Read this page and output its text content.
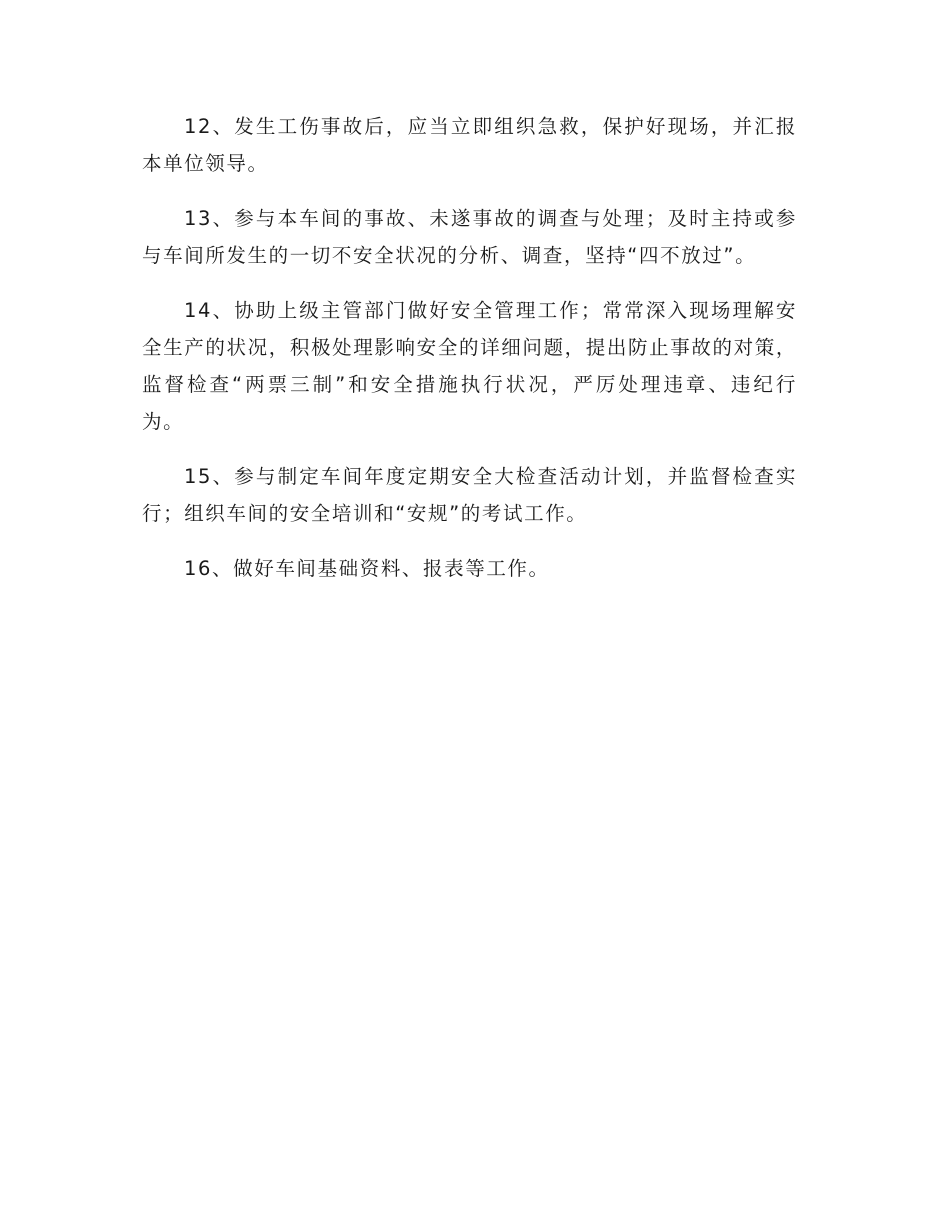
12、发生工伤事故后，应当立即组织急救，保护好现场，并汇报本单位领导。

13、参与本车间的事故、未遂事故的调查与处理；及时主持或参与车间所发生的一切不安全状况的分析、调查，坚持“四不放过”。

14、协助上级主管部门做好安全管理工作；常常深入现场理解安全生产的状况，积极处理影响安全的详细问题，提出防止事故的对策，监督检查“两票三制”和安全措施执行状况，严厉处理违章、违纪行为。

15、参与制定车间年度定期安全大检查活动计划，并监督检查实行；组织车间的安全培训和“安规”的考试工作。

16、做好车间基础资料、报表等工作。
